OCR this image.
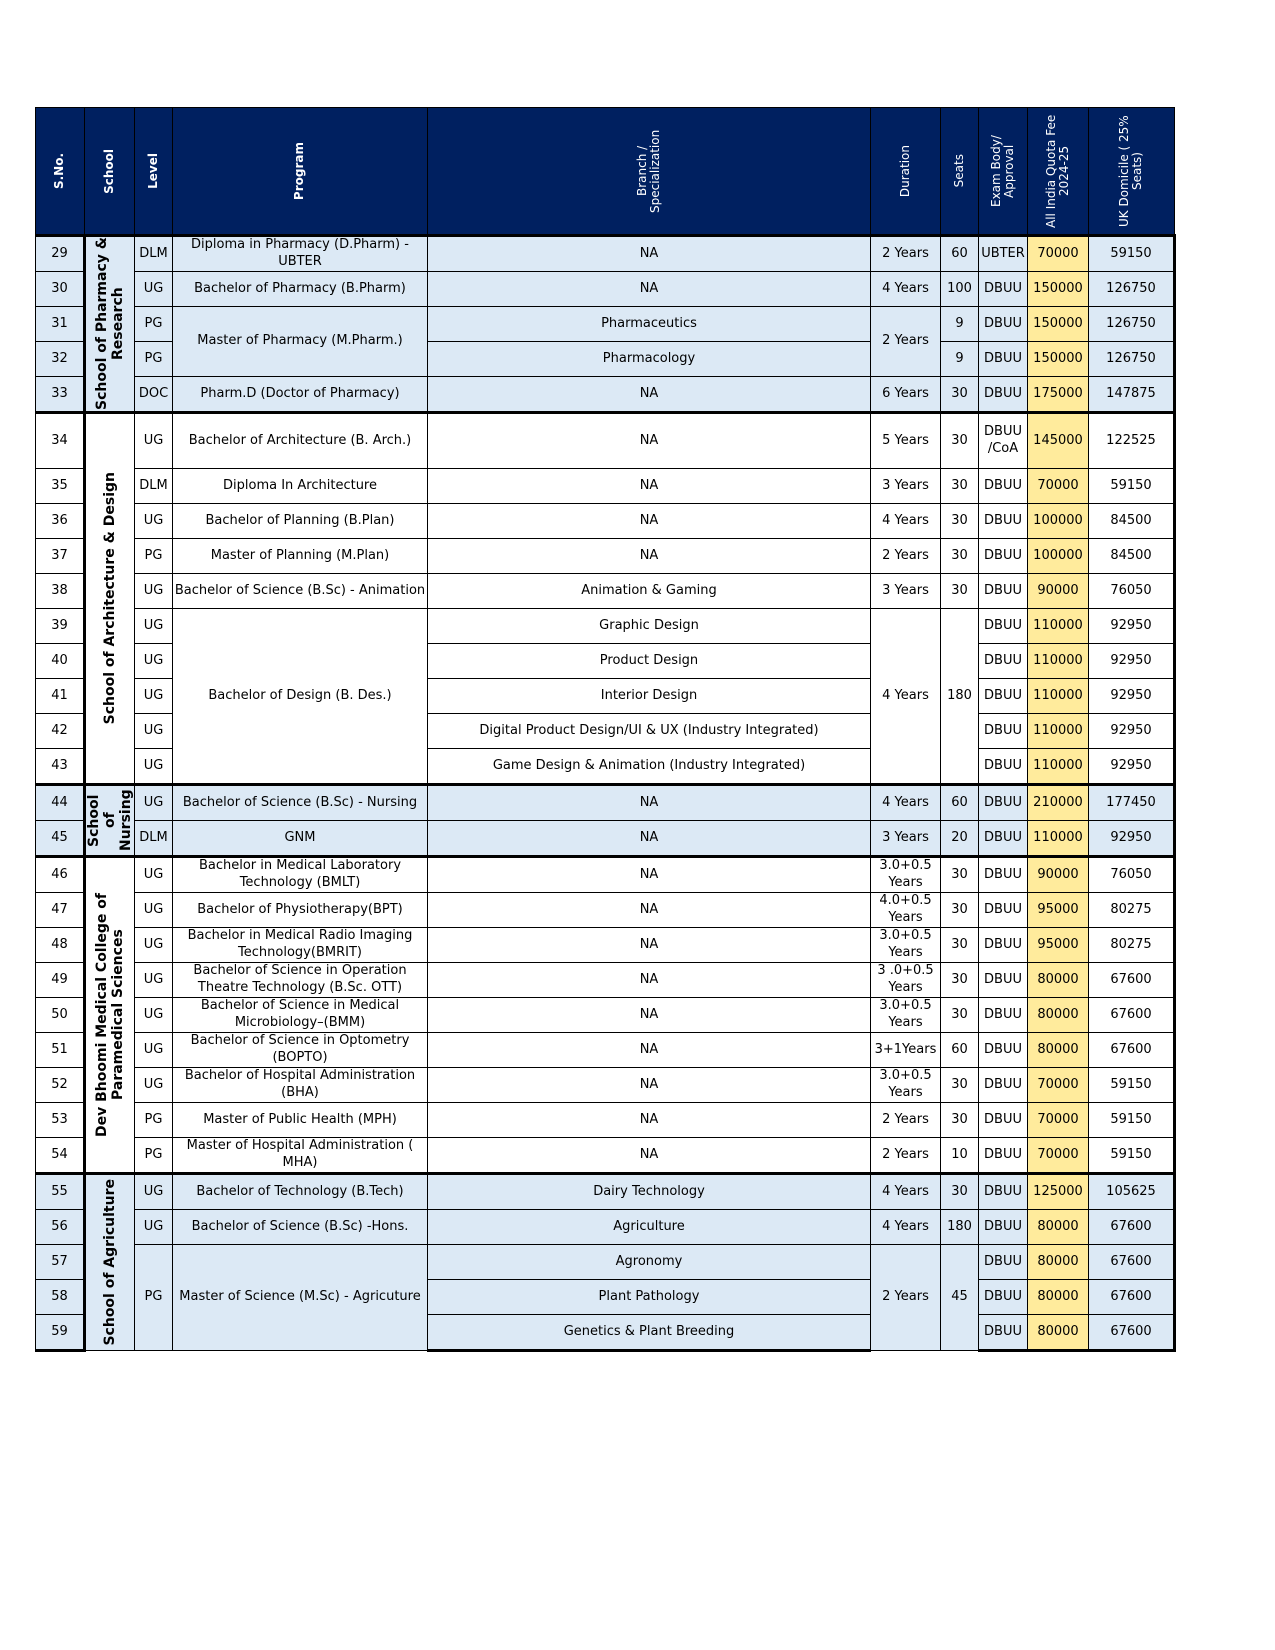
S.No.	School	Level	Program	Branch / Specialization	Duration	Seats	Exam Body/ Approval	All India Quota Fee 2024-25	UK Domicile ( 25% Seats)

29	School of Pharmacy & Research	DLM	Diploma in Pharmacy (D.Pharm) - UBTER	NA	2 Years	60	UBTER	70000	59150
30		UG	Bachelor of Pharmacy (B.Pharm)	NA	4 Years	100	DBUU	150000	126750
31		PG	Master of Pharmacy (M.Pharm.)	Pharmaceutics	2 Years	9	DBUU	150000	126750
32		PG		Pharmacology		9	DBUU	150000	126750
33		DOC	Pharm.D (Doctor of Pharmacy)	NA	6 Years	30	DBUU	175000	147875
34	School of Architecture & Design	UG	Bachelor of Architecture (B. Arch.)	NA	5 Years	30	DBUU /CoA	145000	122525
35		DLM	Diploma In Architecture	NA	3 Years	30	DBUU	70000	59150
36		UG	Bachelor of Planning (B.Plan)	NA	4 Years	30	DBUU	100000	84500
37		PG	Master of Planning (M.Plan)	NA	2 Years	30	DBUU	100000	84500
38		UG	Bachelor of Science (B.Sc) - Animation	Animation & Gaming	3 Years	30	DBUU	90000	76050
39		UG	Bachelor of Design (B. Des.)	Graphic Design	4 Years	180	DBUU	110000	92950
40		UG		Product Design			DBUU	110000	92950
41		UG		Interior Design			DBUU	110000	92950
42		UG		Digital Product Design/UI & UX (Industry Integrated)			DBUU	110000	92950
43		UG		Game Design & Animation (Industry Integrated)			DBUU	110000	92950
44	School of Nursing	UG	Bachelor of Science (B.Sc) - Nursing	NA	4 Years	60	DBUU	210000	177450
45		DLM	GNM	NA	3 Years	20	DBUU	110000	92950
46	Dev Bhoomi Medical College of Paramedical Sciences	UG	Bachelor in Medical Laboratory Technology (BMLT)	NA	3.0+0.5 Years	30	DBUU	90000	76050
47		UG	Bachelor of Physiotherapy(BPT)	NA	4.0+0.5 Years	30	DBUU	95000	80275
48		UG	Bachelor in Medical Radio Imaging Technology(BMRIT)	NA	3.0+0.5 Years	30	DBUU	95000	80275
49		UG	Bachelor of Science in Operation Theatre Technology (B.Sc. OTT)	NA	3 .0+0.5 Years	30	DBUU	80000	67600
50		UG	Bachelor of Science in Medical Microbiology–(BMM)	NA	3.0+0.5 Years	30	DBUU	80000	67600
51		UG	Bachelor of Science in Optometry (BOPTO)	NA	3+1Years	60	DBUU	80000	67600
52		UG	Bachelor of Hospital Administration (BHA)	NA	3.0+0.5 Years	30	DBUU	70000	59150
53		PG	Master of Public Health (MPH)	NA	2 Years	30	DBUU	70000	59150
54		PG	Master of Hospital Administration ( MHA)	NA	2 Years	10	DBUU	70000	59150
55	School of Agriculture	UG	Bachelor of Technology (B.Tech)	Dairy Technology	4 Years	30	DBUU	125000	105625
56		UG	Bachelor of Science (B.Sc) -Hons.	Agriculture	4 Years	180	DBUU	80000	67600
57		PG	Master of Science (M.Sc) - Agricuture	Agronomy	2 Years	45	DBUU	80000	67600
58				Plant Pathology			DBUU	80000	67600
59				Genetics & Plant Breeding			DBUU	80000	67600
